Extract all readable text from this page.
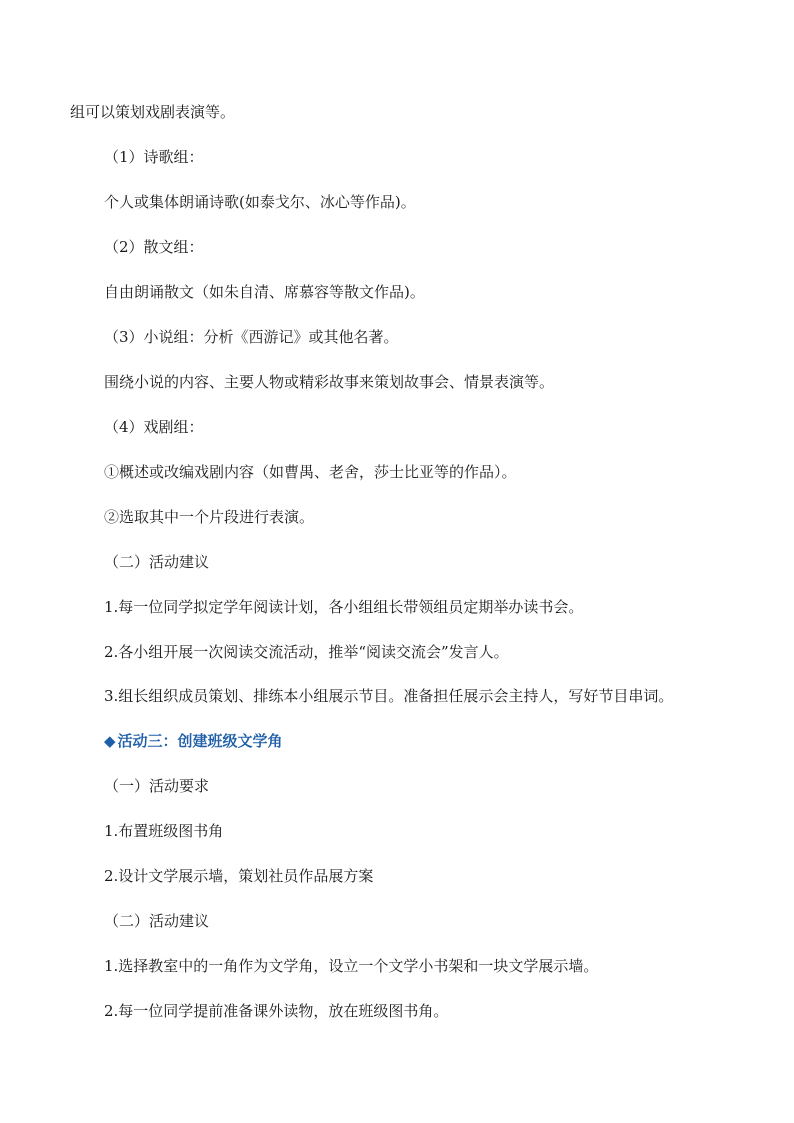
组可以策划戏剧表演等。
（1）诗歌组：
个人或集体朗诵诗歌(如泰戈尔、冰心等作品)。
（2）散文组：
自由朗诵散文（如朱自清、席慕容等散文作品)。
（3）小说组：分析《西游记》或其他名著。
围绕小说的内容、主要人物或精彩故事来策划故事会、情景表演等。
（4）戏剧组：
①概述或改编戏剧内容（如曹禺、老舍，莎士比亚等的作品）。
②选取其中一个片段进行表演。
（二）活动建议
1.每一位同学拟定学年阅读计划，各小组组长带领组员定期举办读书会。
2.各小组开展一次阅读交流活动，推举“阅读交流会”发言人。
3.组长组织成员策划、排练本小组展示节目。准备担任展示会主持人，写好节目串词。
◆ 活动三：创建班级文学角
（一）活动要求
1.布置班级图书角
2.设计文学展示墙，策划社员作品展方案
（二）活动建议
1.选择教室中的一角作为文学角，设立一个文学小书架和一块文学展示墙。
2.每一位同学提前准备课外读物，放在班级图书角。
